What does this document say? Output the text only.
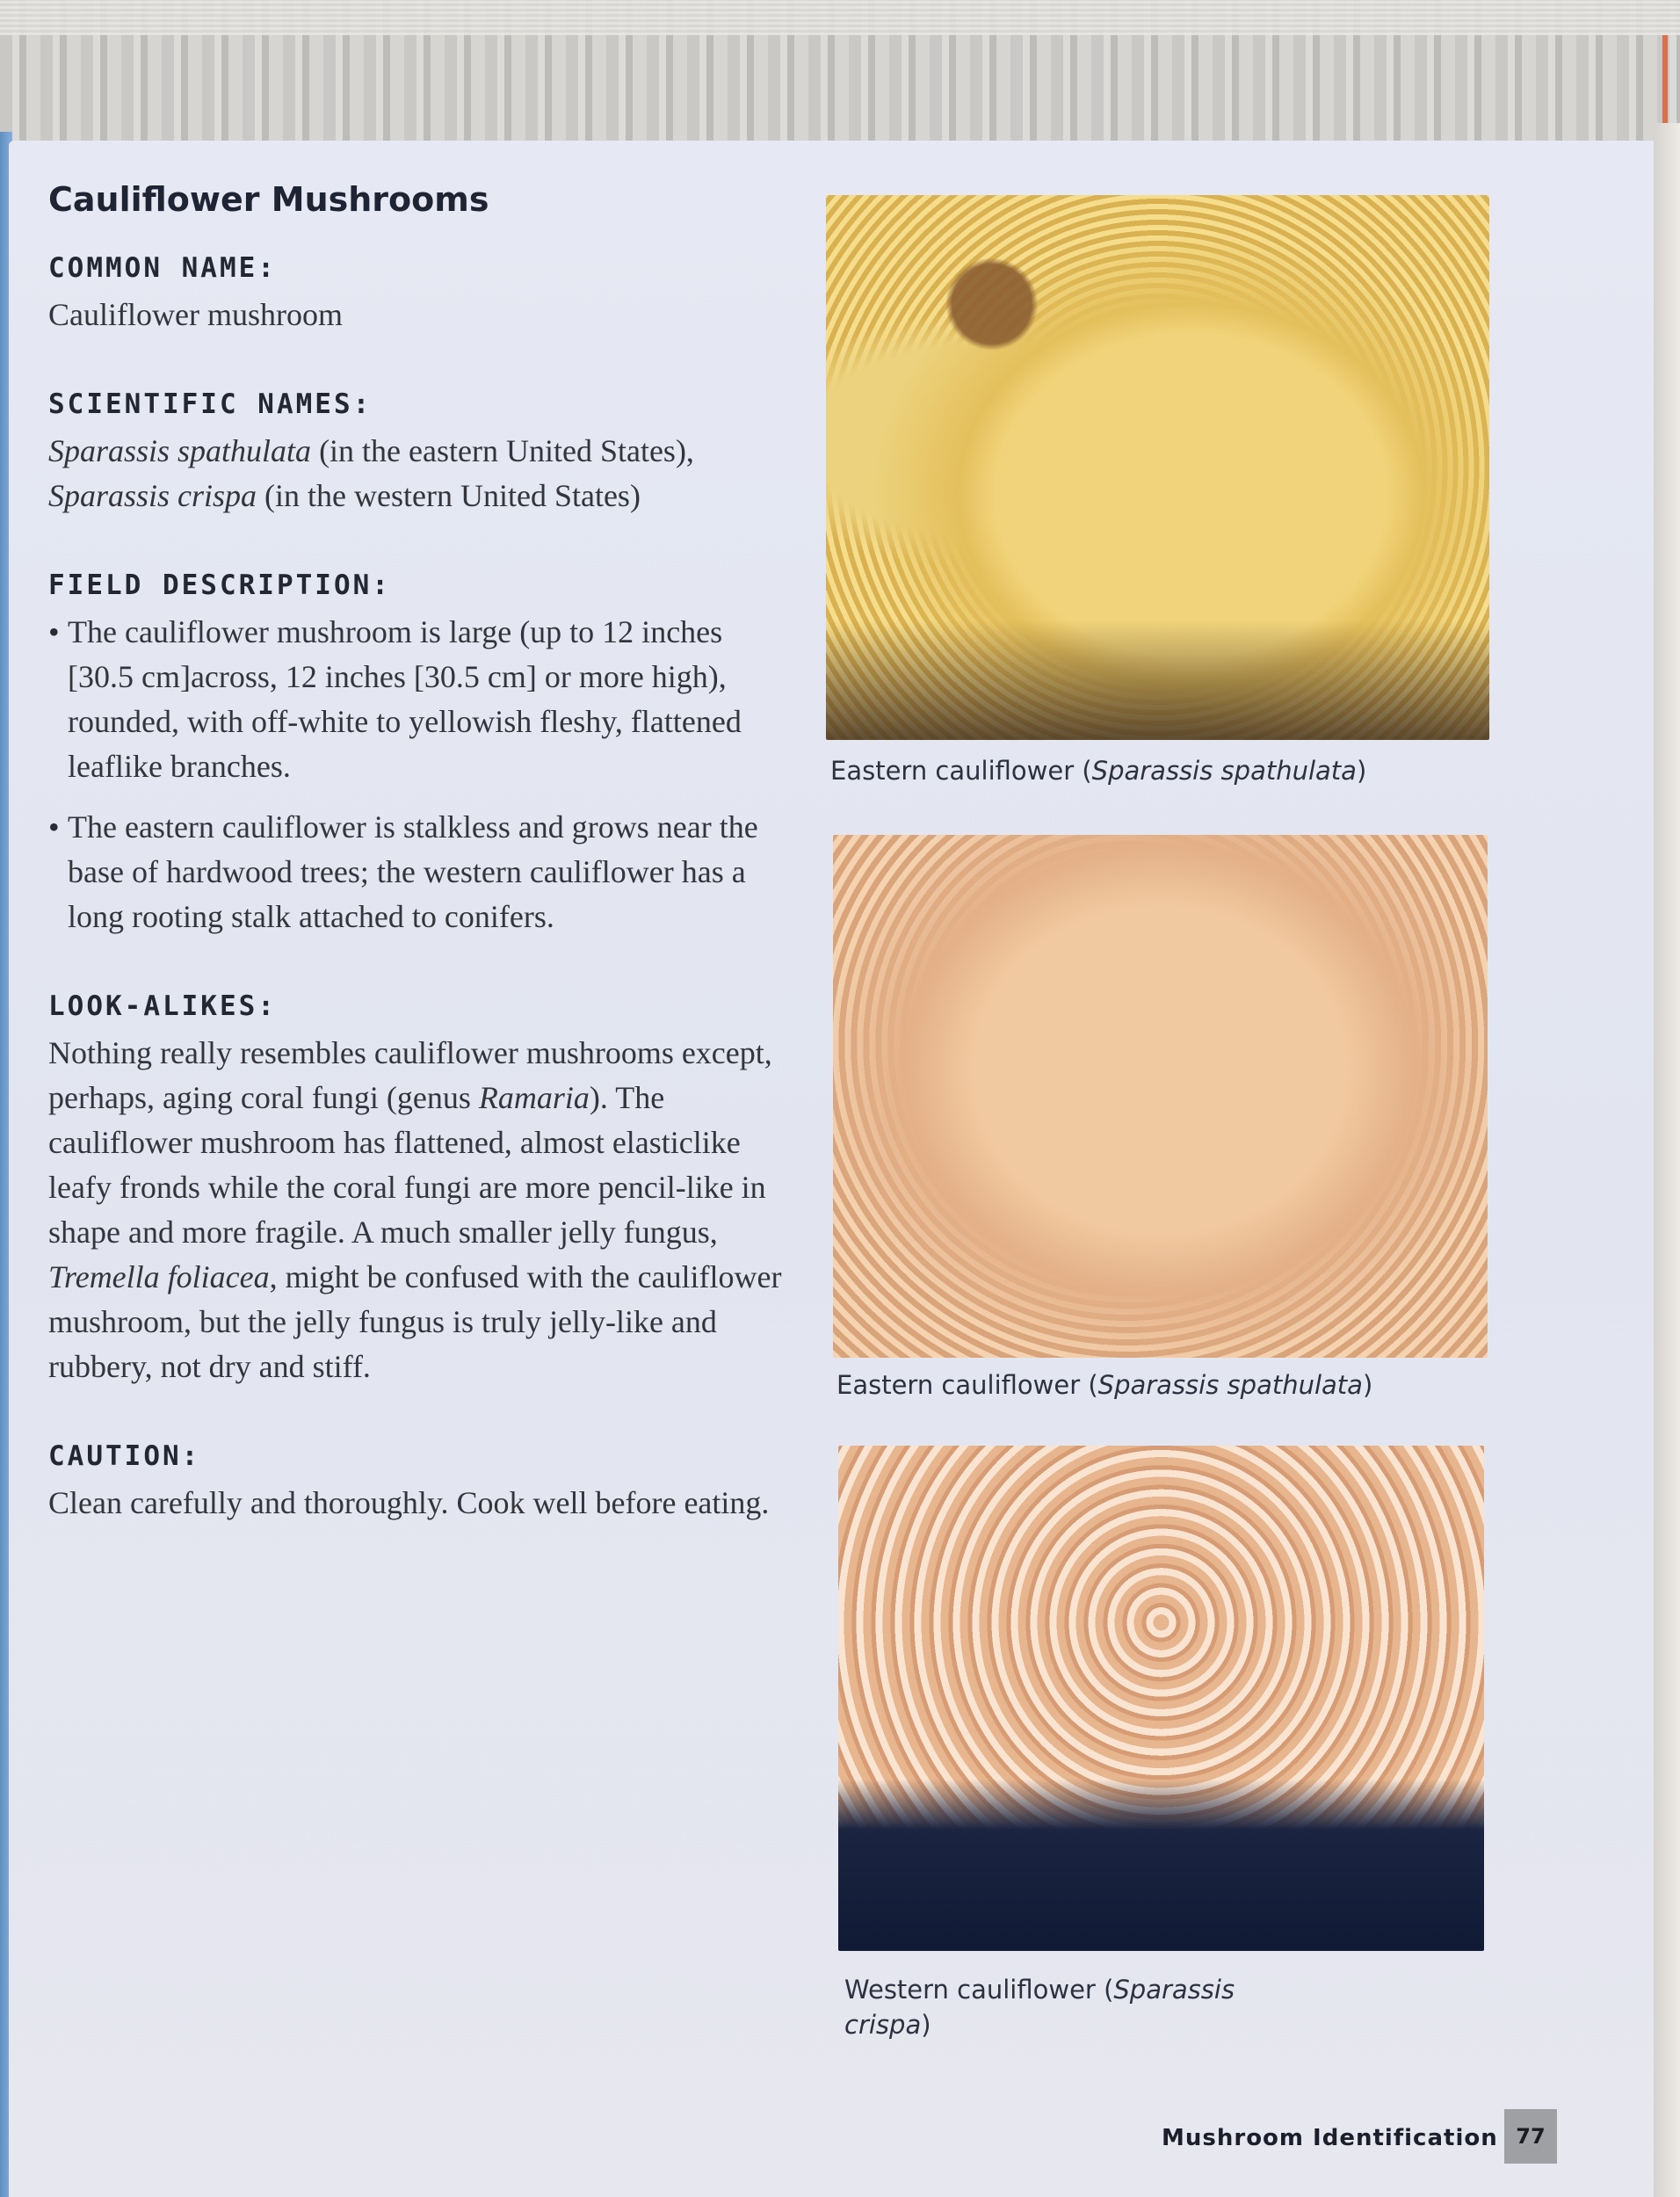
Cauliflower Mushrooms
COMMON NAME:

Cauliflower mushroom

SCIENTIFIC NAMES:

Sparassis spathulata (in the eastern United States),
Sparassis crispa (in the western United States)

FIELD DESCRIPTION:
• The cauliflower mushroom is large (up to 12 inches [30.5 cm]across, 12 inches [30.5 cm] or more high), rounded, with off-white to yellowish fleshy, flattened leaflike branches.

• The eastern cauliflower is stalkless and grows near the base of hardwood trees; the western cauliflower has a long rooting stalk attached to conifers.

LOOK-ALIKES:

Nothing really resembles cauliflower mushrooms except, perhaps, aging coral fungi (genus Ramaria). The cauliflower mushroom has flattened, almost elasticlike leafy fronds while the coral fungi are more pencil-like in shape and more fragile. A much smaller jelly fungus, Tremella foliacea, might be confused with the cauliflower mushroom, but the jelly fungus is truly jelly-like and rubbery, not dry and stiff.

CAUTION:

Clean carefully and thoroughly. Cook well before eating.

Eastern cauliflower (Sparassis spathulata)
Eastern cauliflower (Sparassis spathulata)
Western cauliflower (Sparassis crispa)
Mushroom Identification 77
